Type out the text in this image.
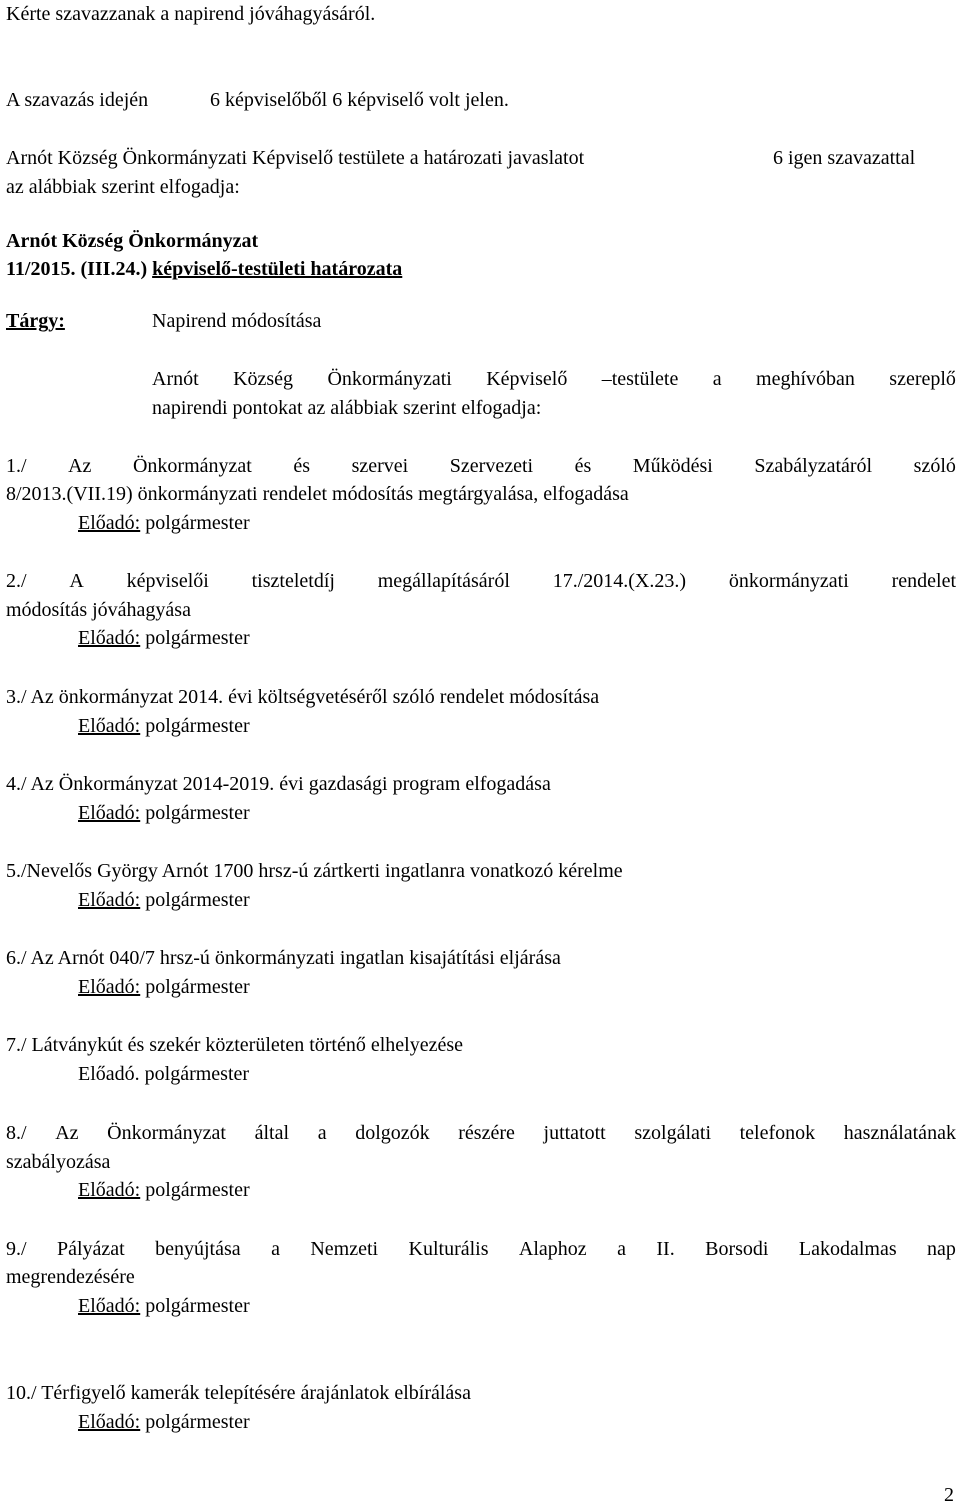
Kérte szavazzanak a napirend jóváhagyásáról.
A szavazás idején	6 képviselőből 6 képviselő volt jelen.
Arnót Község Önkormányzati Képviselő testülete a határozati javaslatot	6 igen szavazattal
az alábbiak szerint elfogadja:
Arnót Község Önkormányzat
11/2015. (III.24.) képviselő-testületi határozata
Tárgy:	Napirend módosítása
Arnót Község Önkormányzati Képviselő –testülete a meghívóban szereplő
napirendi pontokat az alábbiak szerint elfogadja:
1./ Az Önkormányzat és szervei Szervezeti és Működési Szabályzatáról szóló
8/2013.(VII.19) önkormányzati rendelet módosítás megtárgyalása, elfogadása
Előadó: polgármester
2./ A képviselői tiszteletdíj megállapításáról 17./2014.(X.23.) önkormányzati rendelet
módosítás jóváhagyása
Előadó: polgármester
3./ Az önkormányzat 2014. évi költségvetéséről szóló rendelet módosítása
Előadó: polgármester
4./ Az Önkormányzat 2014-2019. évi gazdasági program elfogadása
Előadó: polgármester
5./Nevelős György Arnót 1700 hrsz-ú zártkerti ingatlanra vonatkozó kérelme
Előadó: polgármester
6./ Az Arnót 040/7 hrsz-ú önkormányzati ingatlan kisajátítási eljárása
Előadó: polgármester
7./ Látványkút és szekér közterületen történő elhelyezése
Előadó. polgármester
8./ Az Önkormányzat által a dolgozók részére juttatott szolgálati telefonok használatának
szabályozása
Előadó: polgármester
9./ Pályázat benyújtása a Nemzeti Kulturális Alaphoz a II. Borsodi Lakodalmas nap
megrendezésére
Előadó: polgármester
10./ Térfigyelő kamerák telepítésére árajánlatok elbírálása
Előadó: polgármester
2
